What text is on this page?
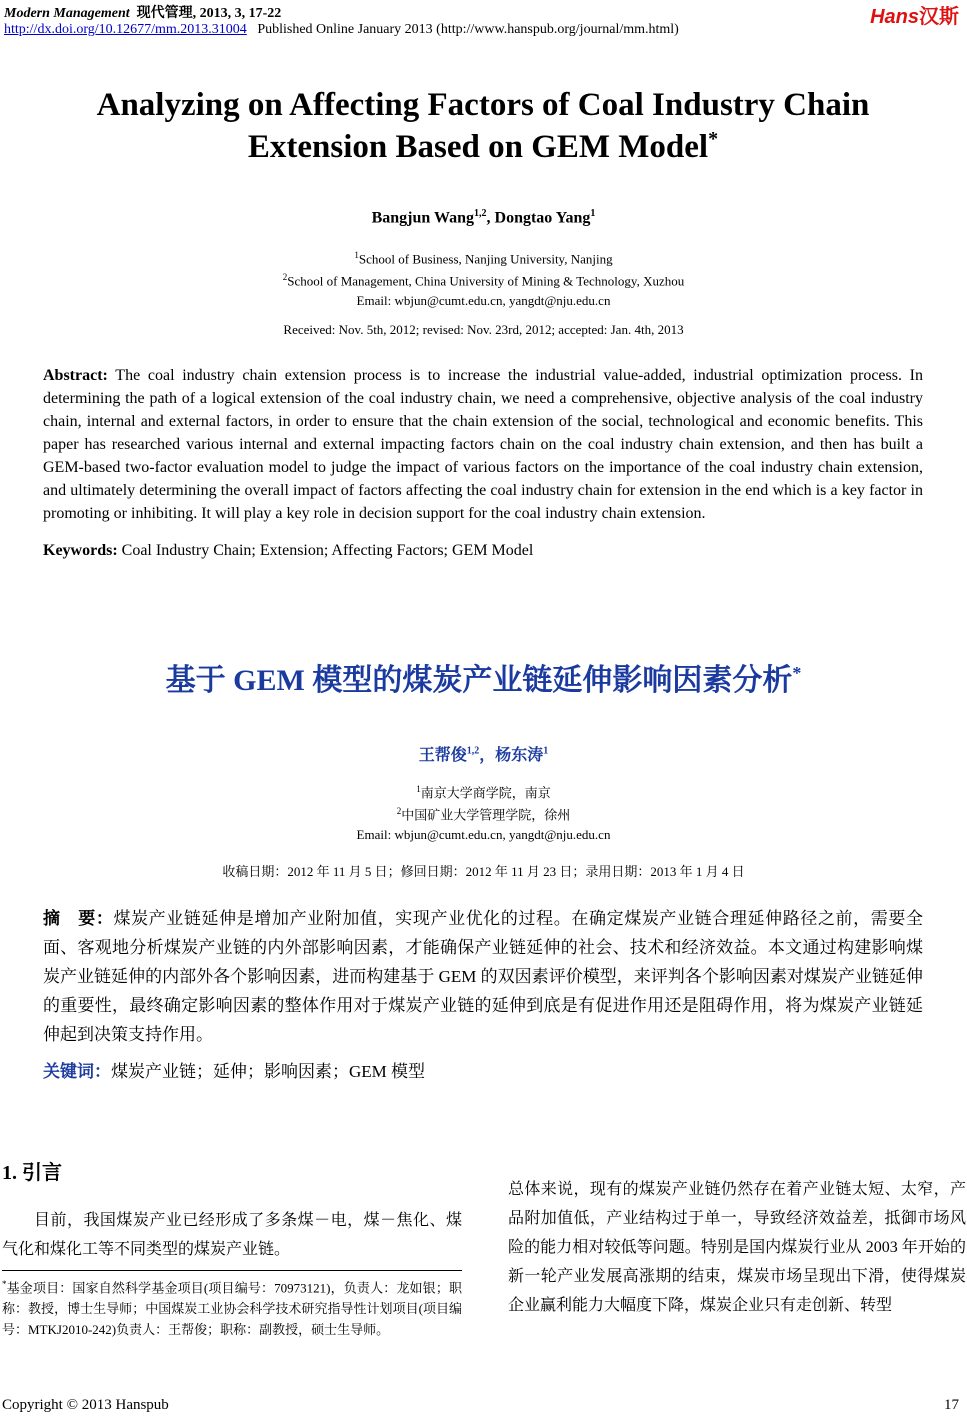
Modern Management 现代管理, 2013, 3, 17-22
http://dx.doi.org/10.12677/mm.2013.31004 Published Online January 2013 (http://www.hanspub.org/journal/mm.html)
Hans汉斯
Analyzing on Affecting Factors of Coal Industry Chain Extension Based on GEM Model*
Bangjun Wang$^{1,2}$, Dongtao Yang$^1$
$^1$School of Business, Nanjing University, Nanjing
$^2$School of Management, China University of Mining & Technology, Xuzhou
Email: wbjun@cumt.edu.cn, yangdt@nju.edu.cn
Received: Nov. 5th, 2012; revised: Nov. 23rd, 2012; accepted: Jan. 4th, 2013
Abstract: The coal industry chain extension process is to increase the industrial value-added, industrial optimization process. In determining the path of a logical extension of the coal industry chain, we need a comprehensive, objective analysis of the coal industry chain, internal and external factors, in order to ensure that the chain extension of the social, technological and economic benefits. This paper has researched various internal and external impacting factors chain on the coal industry chain extension, and then has built a GEM-based two-factor evaluation model to judge the impact of various factors on the importance of the coal industry chain extension, and ultimately determining the overall impact of factors affecting the coal industry chain for extension in the end which is a key factor in promoting or inhibiting. It will play a key role in decision support for the coal industry chain extension.
Keywords: Coal Industry Chain; Extension; Affecting Factors; GEM Model
基于 GEM 模型的煤炭产业链延伸影响因素分析*
王帮俊$^{1,2}$，杨东涛$^1$
$^1$南京大学商学院，南京
$^2$中国矿业大学管理学院，徐州
Email: wbjun@cumt.edu.cn, yangdt@nju.edu.cn
收稿日期：2012 年 11 月 5 日；修回日期：2012 年 11 月 23 日；录用日期：2013 年 1 月 4 日
摘　要：煤炭产业链延伸是增加产业附加值，实现产业优化的过程。在确定煤炭产业链合理延伸路径之前，需要全面、客观地分析煤炭产业链的内外部影响因素，才能确保产业链延伸的社会、技术和经济效益。本文通过构建影响煤炭产业链延伸的内部外各个影响因素，进而构建基于 GEM 的双因素评价模型，来评判各个影响因素对煤炭产业链延伸的重要性，最终确定影响因素的整体作用对于煤炭产业链的延伸到底是有促进作用还是阻碍作用，将为煤炭产业链延伸起到决策支持作用。
关键词：煤炭产业链；延伸；影响因素；GEM 模型
1. 引言
目前，我国煤炭产业已经形成了多条煤－电，煤－焦化、煤气化和煤化工等不同类型的煤炭产业链。
*基金项目：国家自然科学基金项目(项目编号：70973121)，负责人：龙如银；职称：教授，博士生导师；中国煤炭工业协会科学技术研究指导性计划项目(项目编号：MTKJ2010-242)负责人：王帮俊；职称：副教授，硕士生导师。
总体来说，现有的煤炭产业链仍然存在着产业链太短、太窄，产品附加值低，产业结构过于单一，导致经济效益差，抵御市场风险的能力相对较低等问题。特别是国内煤炭行业从 2003 年开始的新一轮产业发展高涨期的结束，煤炭市场呈现出下滑，使得煤炭企业赢利能力大幅度下降，煤炭企业只有走创新、转型
Copyright © 2013 Hanspub	17
